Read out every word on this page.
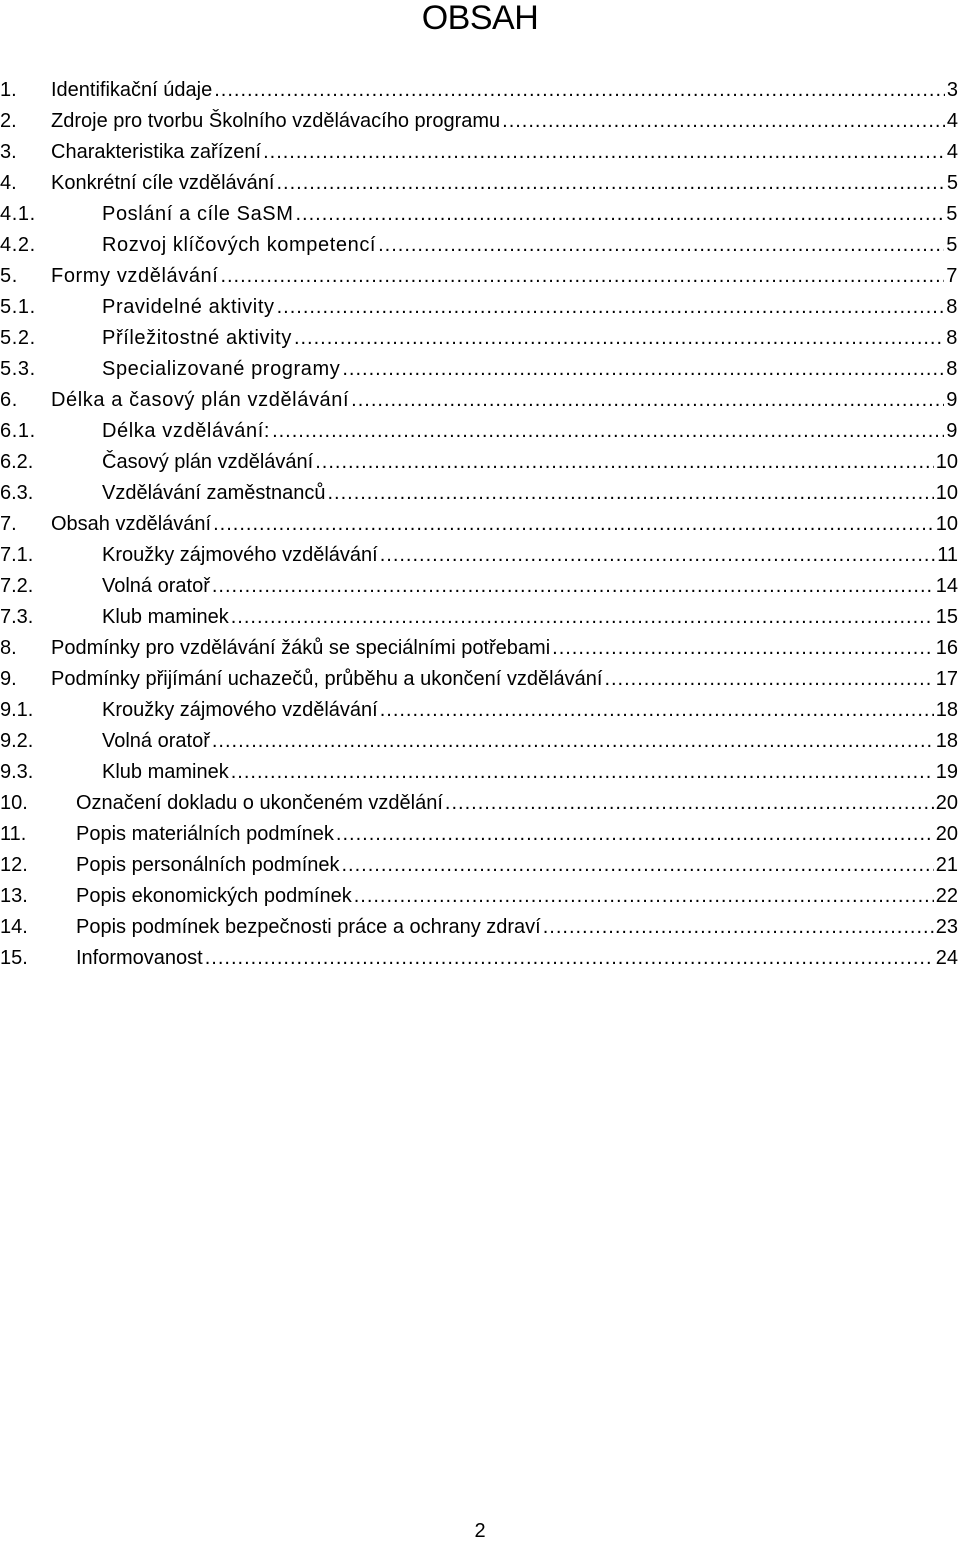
OBSAH
1. Identifikační údaje .....	3
2. Zdroje pro tvorbu Školního vzdělávacího programu .....	4
3. Charakteristika zařízení .....	4
4. Konkrétní cíle vzdělávání .....	5
4.1.	Poslání a cíle SaSM .....	5
4.2.	Rozvoj klíčových kompetencí .....	5
5. Formy vzdělávání .....	7
5.1.	Pravidelné aktivity .....	8
5.2.	Příležitostné aktivity .....	8
5.3.	Specializované programy .....	8
6. Délka a časový plán vzdělávání .....	9
6.1.	Délka vzdělávání: .....	9
6.2.	Časový plán vzdělávání .....	10
6.3.	Vzdělávání zaměstnanců .....	10
7. Obsah vzdělávání .....	10
7.1.	Kroužky zájmového vzdělávání .....	11
7.2.	Volná oratoř .....	14
7.3.	Klub maminek .....	15
8. Podmínky pro vzdělávání žáků se speciálními potřebami .....	16
9. Podmínky přijímání uchazečů, průběhu a ukončení vzdělávání .....	17
9.1.	Kroužky zájmového vzdělávání .....	18
9.2.	Volná oratoř .....	18
9.3.	Klub maminek .....	19
10. Označení dokladu o ukončeném vzdělání .....	20
11. Popis materiálních podmínek .....	20
12. Popis personálních podmínek .....	21
13. Popis ekonomických podmínek .....	22
14. Popis podmínek bezpečnosti práce a ochrany zdraví .....	23
15. Informovanost .....	24
2
